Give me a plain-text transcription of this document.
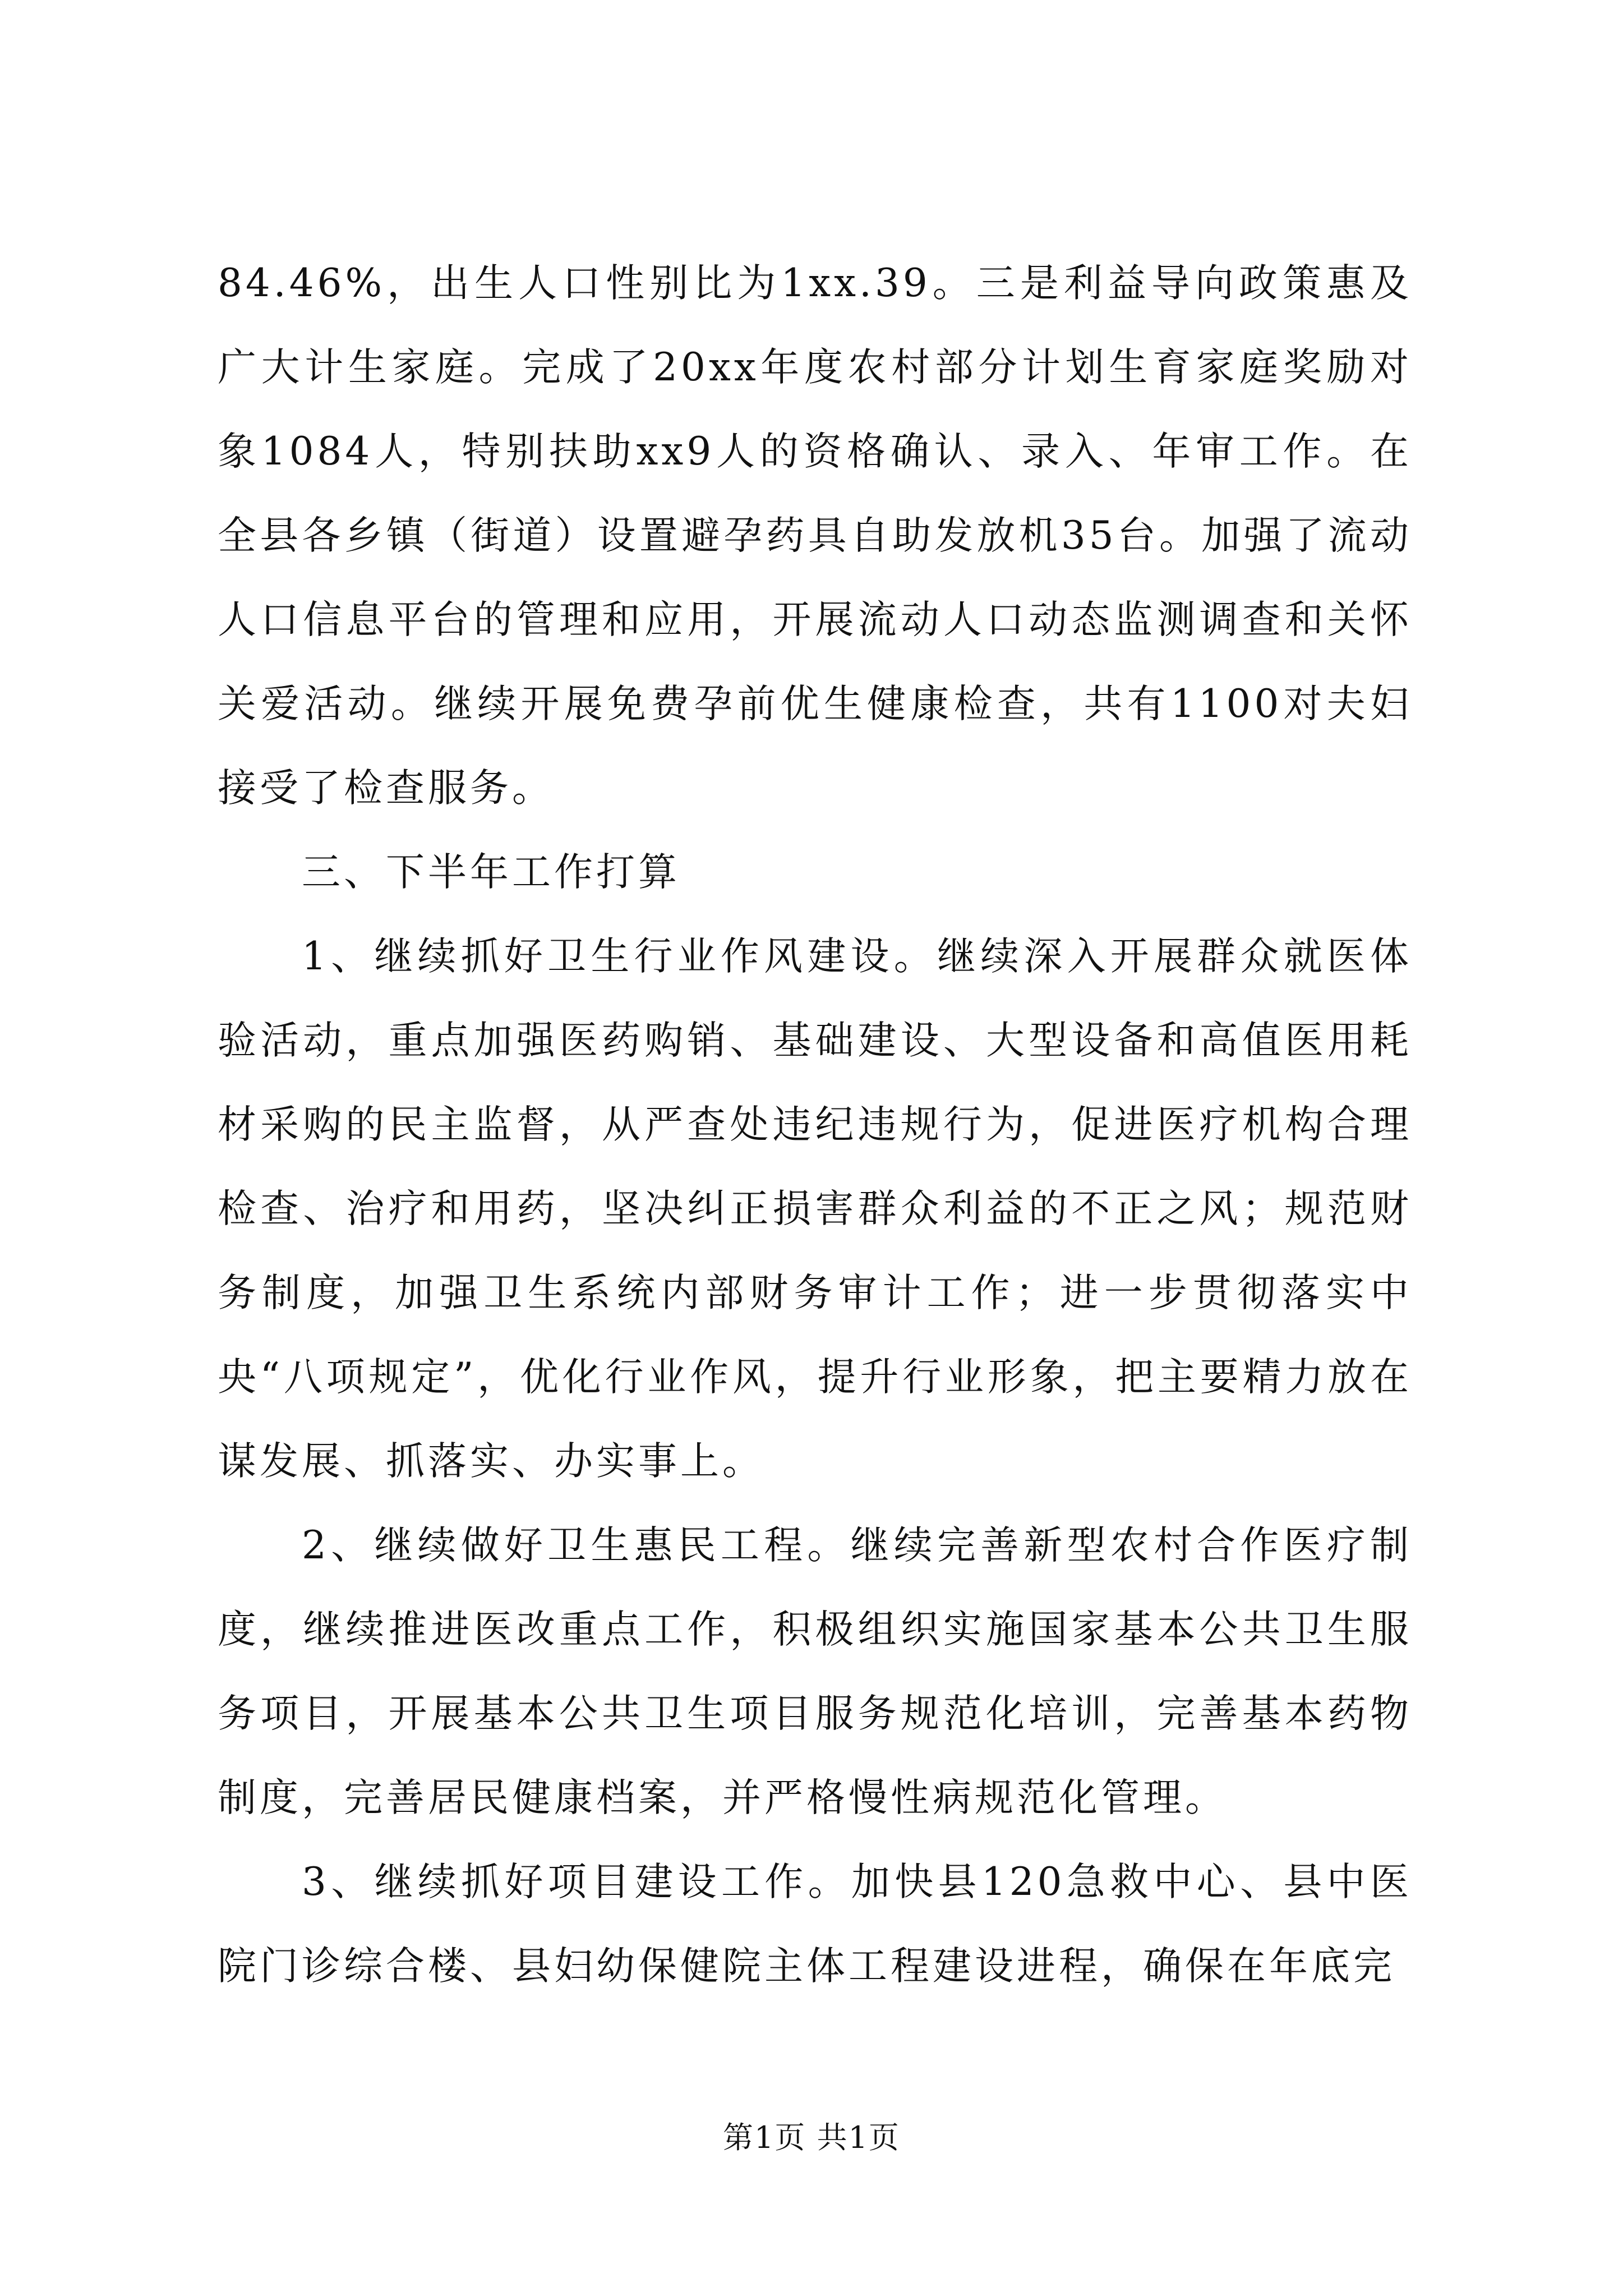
84.46%，出生人口性别比为1xx.39。三是利益导向政策惠及广大计生家庭。完成了20xx年度农村部分计划生育家庭奖励对象1084人，特别扶助xx9人的资格确认、录入、年审工作。在全县各乡镇（街道）设置避孕药具自助发放机35台。加强了流动人口信息平台的管理和应用，开展流动人口动态监测调查和关怀关爱活动。继续开展免费孕前优生健康检查，共有1100对夫妇接受了检查服务。

三、下半年工作打算

1、继续抓好卫生行业作风建设。继续深入开展群众就医体验活动，重点加强医药购销、基础建设、大型设备和高值医用耗材采购的民主监督，从严查处违纪违规行为，促进医疗机构合理检查、治疗和用药，坚决纠正损害群众利益的不正之风；规范财务制度，加强卫生系统内部财务审计工作；进一步贯彻落实中央“八项规定”，优化行业作风，提升行业形象，把主要精力放在谋发展、抓落实、办实事上。

2、继续做好卫生惠民工程。继续完善新型农村合作医疗制度，继续推进医改重点工作，积极组织实施国家基本公共卫生服务项目，开展基本公共卫生项目服务规范化培训，完善基本药物制度，完善居民健康档案，并严格慢性病规范化管理。

3、继续抓好项目建设工作。加快县120急救中心、县中医院门诊综合楼、县妇幼保健院主体工程建设进程，确保在年底完

第1页 共1页
